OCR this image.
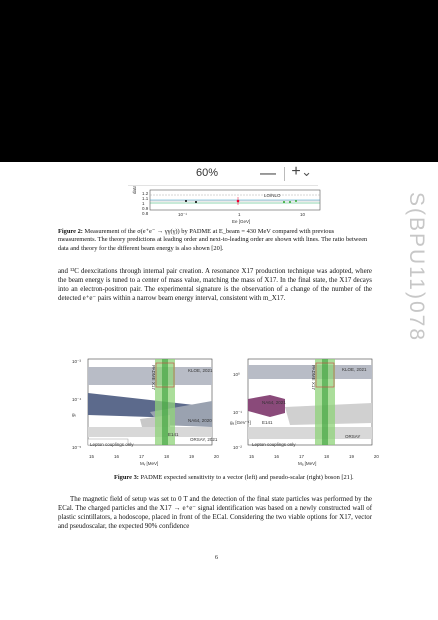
— +
60%	⌄
S(BPU11)078
1.2
1.1
1
0.9
0.8
LO/NLO
10⁻¹	1	10
Ee [GeV]
Figure 2: Measurement of the σ(e⁺e⁻ → γγ(γ)) by PADME at E_beam = 430 MeV compared with previous measurements. The theory predictions at leading order and next-to-leading order are shown with lines. The ratio between data and theory for the different beam energy is also shown [20].
and ¹²C deexcitations through internal pair creation. A resonance X17 production technique was adopted, where the beam energy is tuned to a center of mass value, matching the mass of X17. In the final state, the X17 decays into an electron-positron pair. The experimental signature is the observation of a change of the number of the detected e⁺e⁻ pairs within a narrow beam energy interval, consistent with m_X17.
10⁻³
10⁻⁴
10⁻⁵
gᵥ
KLOE, 2021
NA64, 2020
E141
ORSAY, 2021
Lepton couplings only
15	16	17	18	19	20
Mᵥ [MeV]
10⁰
10⁻¹
10⁻²
gₐ [GeV⁻¹]
KLOE, 2021
NA64, 2021
E141
ORSAY
Lepton couplings only
15	16	17	18	19	20
Mₐ [MeV]
PADME X17	PADME X17
Figure 3: PADME expected sensitivity to a vector (left) and pseudo-scalar (right) boson [21].
The magnetic field of setup was set to 0 T and the detection of the final state particles was performed by the ECal. The charged particles and the X17 → e⁺e⁻ signal identification was based on a newly constructed wall of plastic scintillators, a hodoscope, placed in front of the ECal. Considering the two viable options for X17, vector and pseudoscalar, the expected 90% confidence
6
